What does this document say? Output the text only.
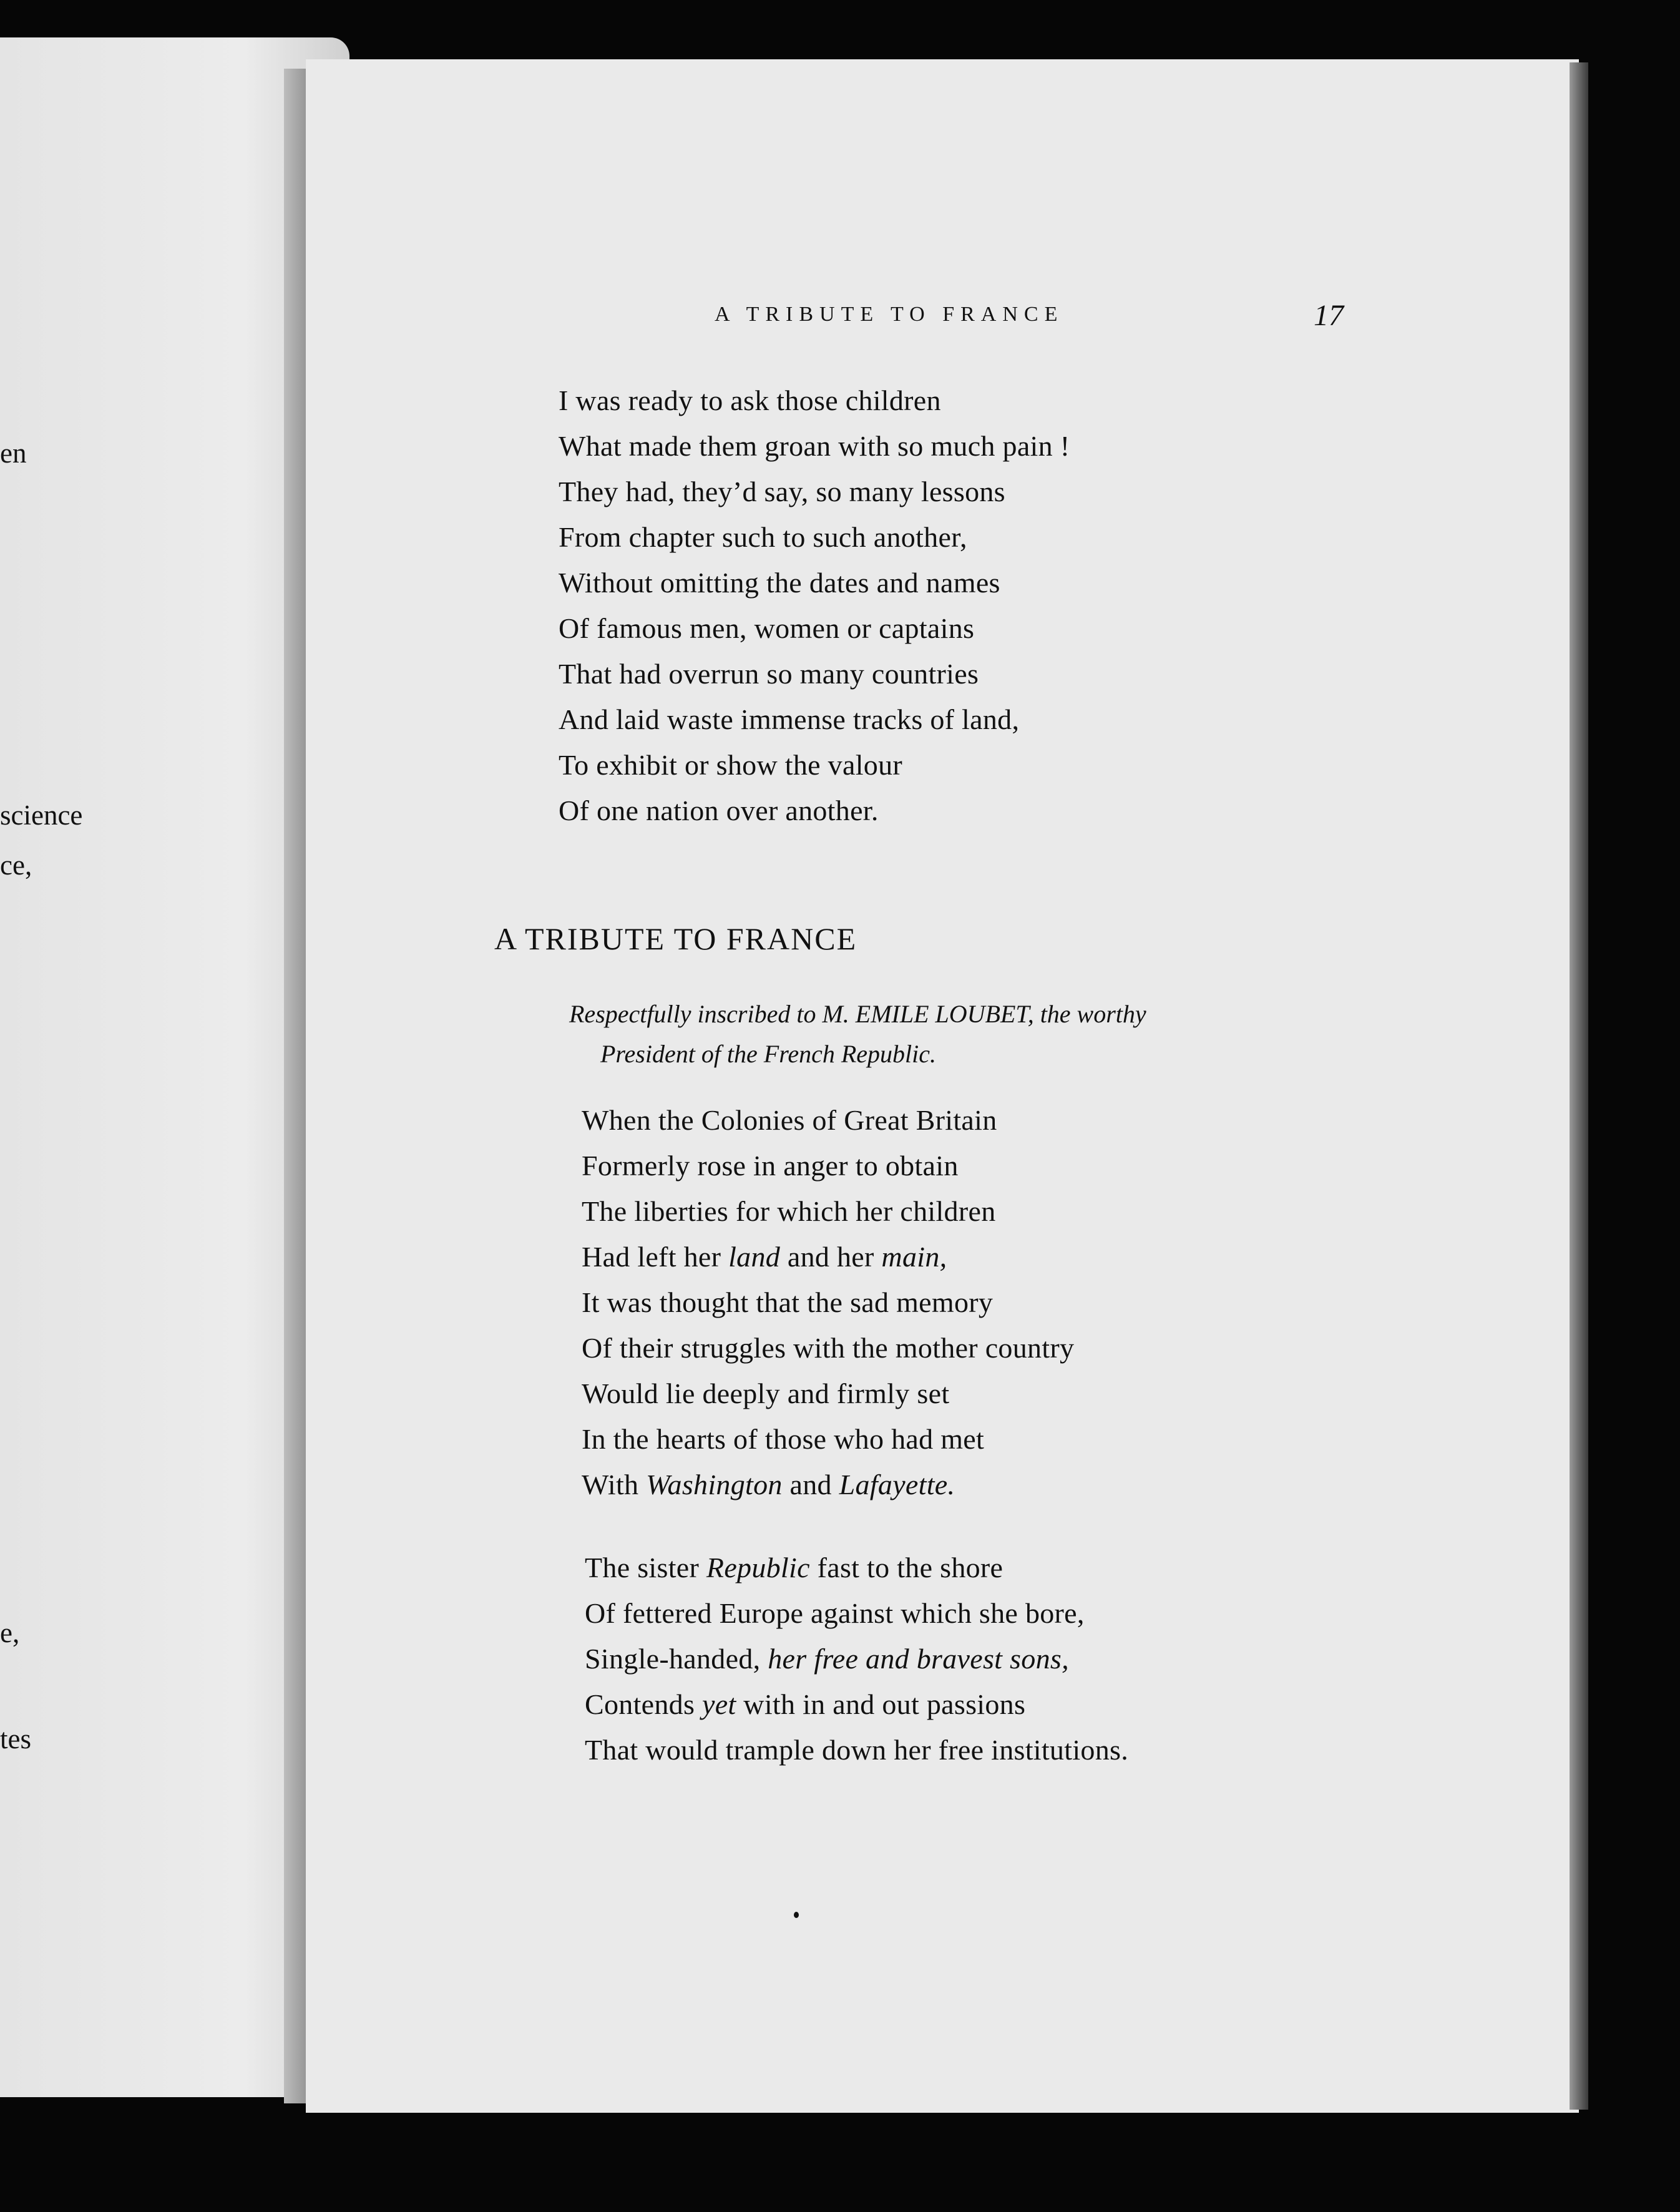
en
science
ce,
e,
tes
A TRIBUTE TO FRANCE	17
I was ready to ask those children
What made them groan with so much pain !
They had, they’d say, so many lessons
From chapter such to such another,
Without omitting the dates and names
Of famous men, women or captains
That had overrun so many countries
And laid waste immense tracks of land,
To exhibit or show the valour
Of one nation over another.
A TRIBUTE TO FRANCE
Respectfully inscribed to M. EMILE LOUBET, the worthy
President of the French Republic.
When the Colonies of Great Britain
Formerly rose in anger to obtain
The liberties for which her children
Had left her land and her main,
It was thought that the sad memory
Of their struggles with the mother country
Would lie deeply and firmly set
In the hearts of those who had met
With Washington and Lafayette.
The sister Republic fast to the shore
Of fettered Europe against which she bore,
Single-handed, her free and bravest sons,
Contends yet with in and out passions
That would trample down her free institutions.
